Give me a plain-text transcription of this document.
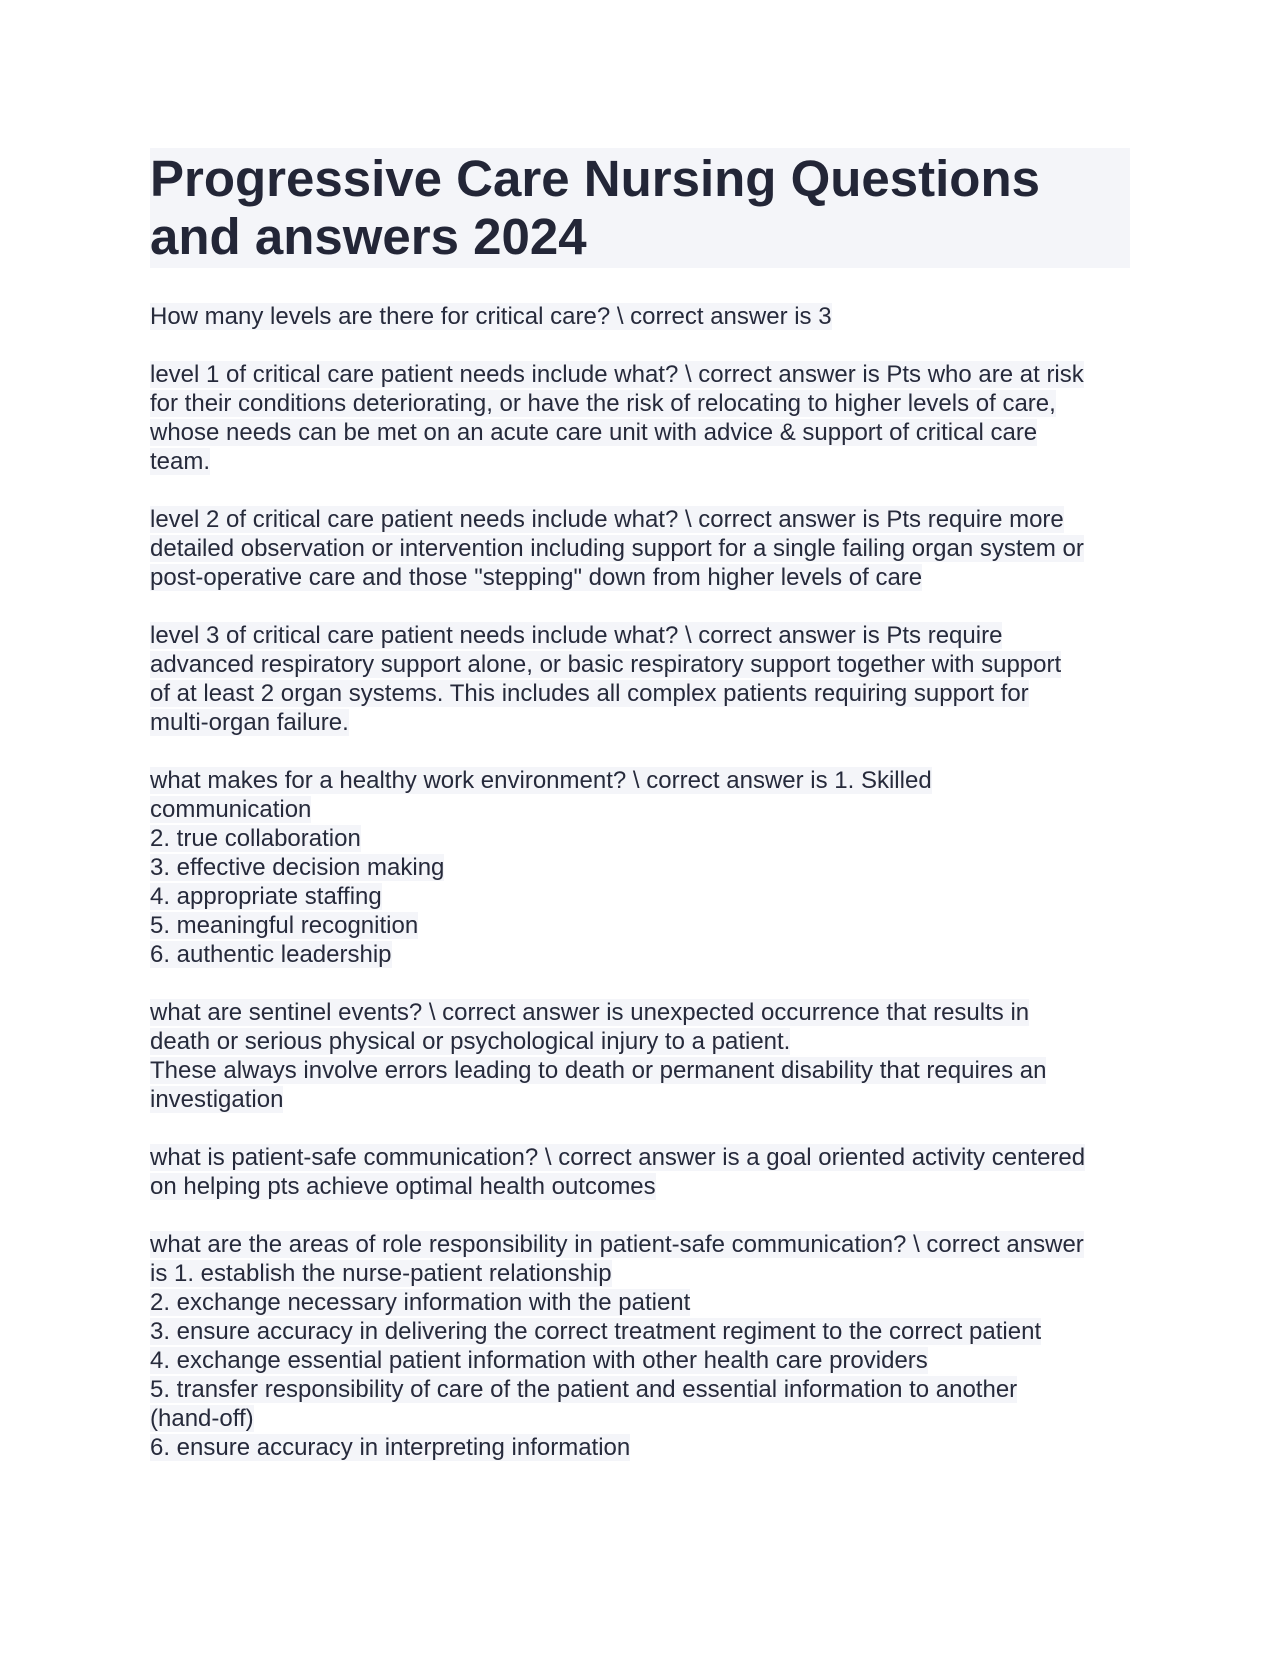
Progressive Care Nursing Questions
and answers 2024
How many levels are there for critical care? \ correct answer is 3
level 1 of critical care patient needs include what? \ correct answer is Pts who are at risk
for their conditions deteriorating, or have the risk of relocating to higher levels of care,
whose needs can be met on an acute care unit with advice & support of critical care
team.
level 2 of critical care patient needs include what? \ correct answer is Pts require more
detailed observation or intervention including support for a single failing organ system or
post-operative care and those "stepping" down from higher levels of care
level 3 of critical care patient needs include what? \ correct answer is Pts require
advanced respiratory support alone, or basic respiratory support together with support
of at least 2 organ systems. This includes all complex patients requiring support for
multi-organ failure.
what makes for a healthy work environment? \ correct answer is 1. Skilled
communication
2. true collaboration
3. effective decision making
4. appropriate staffing
5. meaningful recognition
6. authentic leadership
what are sentinel events? \ correct answer is unexpected occurrence that results in
death or serious physical or psychological injury to a patient.
These always involve errors leading to death or permanent disability that requires an
investigation
what is patient-safe communication? \ correct answer is a goal oriented activity centered
on helping pts achieve optimal health outcomes
what are the areas of role responsibility in patient-safe communication? \ correct answer
is 1. establish the nurse-patient relationship
2. exchange necessary information with the patient
3. ensure accuracy in delivering the correct treatment regiment to the correct patient
4. exchange essential patient information with other health care providers
5. transfer responsibility of care of the patient and essential information to another
(hand-off)
6. ensure accuracy in interpreting information
